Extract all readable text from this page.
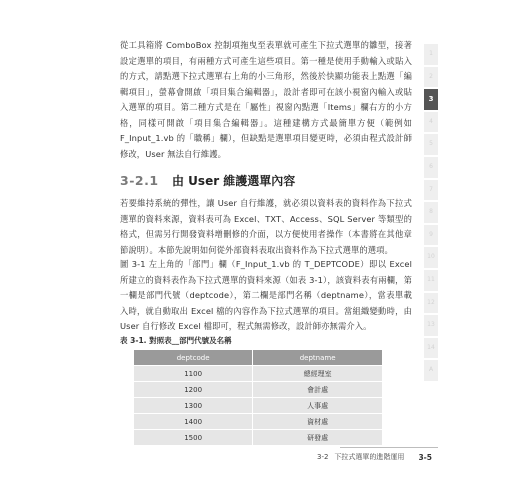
從工具箱將 ComboBox 控制項拖曳至表單就可產生下拉式選單的雛型，接著設定選單的項目，有兩種方式可產生這些項目。第一種是使用手動輸入或貼入的方式，請點選下拉式選單右上角的小三角形，然後於快顯功能表上點選「編輯項目」，螢幕會開啟「項目集合編輯器」，設計者即可在該小視窗內輸入或貼入選單的項目。第二種方式是在「屬性」視窗內點選「Items」欄右方的小方格，同樣可開啟「項目集合編輯器」。這種建構方式最簡單方便（範例如 F_Input_1.vb 的「職稱」欄），但缺點是選單項目變更時，必須由程式設計師修改，User 無法自行維護。

3-2.1	由 User 維護選單內容

若要維持系統的彈性，讓 User 自行維護，就必須以資料表的資料作為下拉式選單的資料來源，資料表可為 Excel、TXT、Access、SQL Server 等類型的格式，但需另行開發資料增刪修的介面，以方便使用者操作（本書將在其他章節說明）。本節先說明如何從外部資料表取出資料作為下拉式選單的選項。

圖 3-1 左上角的「部門」欄（F_Input_1.vb 的 T_DEPTCODE）即以 Excel 所建立的資料表作為下拉式選單的資料來源（如表 3-1），該資料表有兩欄，第一欄是部門代號（deptcode），第二欄是部門名稱（deptname），當表單載入時，就自動取出 Excel 檔的內容作為下拉式選單的項目。當組織變動時，由 User 自行修改 Excel 檔即可，程式無需修改，設計師亦無需介入。

表 3-1. 對照表__部門代號及名稱
deptcode	deptname
1100	總經理室
1200	會計處
1300	人事處
1400	資材處
1500	研發處
1
2
3
4
5
6
7
8
9
10
11
12
13
14
A
3-2 下拉式選單的進階運用 3-5
